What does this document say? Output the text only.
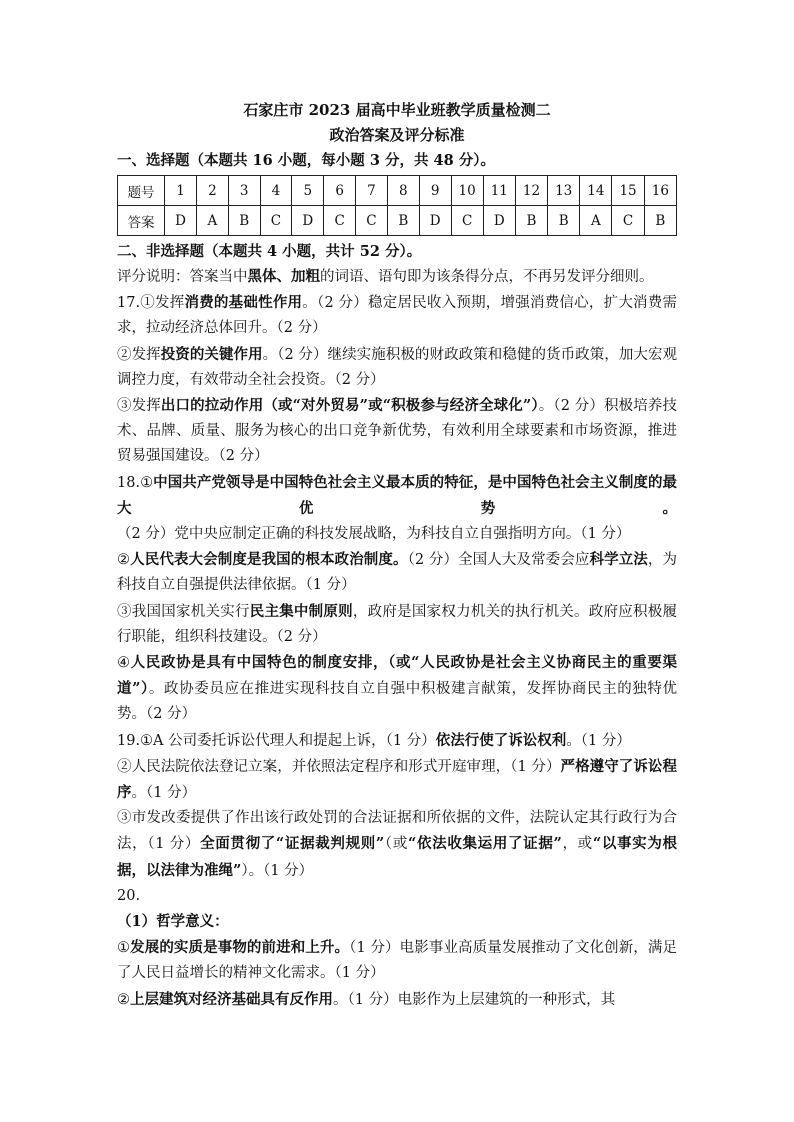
石家庄市 2023 届高中毕业班教学质量检测二
政治答案及评分标准
一、选择题（本题共 16 小题，每小题 3 分，共 48 分）。
题号	1	2	3	4	5	6	7	8	9	10	11	12	13	14	15	16
答案	D	A	B	C	D	C	C	B	D	C	D	B	B	A	C	B
二、非选择题（本题共 4 小题，共计 52 分）。

评分说明：答案当中黑体、加粗的词语、语句即为该条得分点，不再另发评分细则。

17.①发挥消费的基础性作用。（2 分）稳定居民收入预期，增强消费信心，扩大消费需求，拉动经济总体回升。（2 分）

②发挥投资的关键作用。（2 分）继续实施积极的财政政策和稳健的货币政策，加大宏观调控力度，有效带动全社会投资。（2 分）

③发挥出口的拉动作用（或“对外贸易”或“积极参与经济全球化”）。（2 分）积极培养技术、品牌、质量、服务为核心的出口竞争新优势，有效利用全球要素和市场资源，推进贸易强国建设。（2 分）

18.①中国共产党领导是中国特色社会主义最本质的特征，是中国特色社会主义制度的最大优势。（2 分）党中央应制定正确的科技发展战略，为科技自立自强指明方向。（1 分）

②人民代表大会制度是我国的根本政治制度。（2 分）全国人大及常委会应科学立法，为科技自立自强提供法律依据。（1 分）

③我国国家机关实行民主集中制原则，政府是国家权力机关的执行机关。政府应积极履行职能，组织科技建设。（2 分）

④人民政协是具有中国特色的制度安排，（或“人民政协是社会主义协商民主的重要渠道”）。政协委员应在推进实现科技自立自强中积极建言献策，发挥协商民主的独特优势。（2 分）

19.①A 公司委托诉讼代理人和提起上诉，（1 分）依法行使了诉讼权利。（1 分）

②人民法院依法登记立案，并依照法定程序和形式开庭审理，（1 分）严格遵守了诉讼程序。（1 分）

③市发改委提供了作出该行政处罚的合法证据和所依据的文件，法院认定其行政行为合法，（1 分）全面贯彻了“证据裁判规则”（或“依法收集运用了证据”，或“以事实为根据，以法律为准绳”）。（1 分）

20.

（1）哲学意义：

①发展的实质是事物的前进和上升。（1 分）电影事业高质量发展推动了文化创新，满足了人民日益增长的精神文化需求。（1 分）

②上层建筑对经济基础具有反作用。（1 分）电影作为上层建筑的一种形式，其
